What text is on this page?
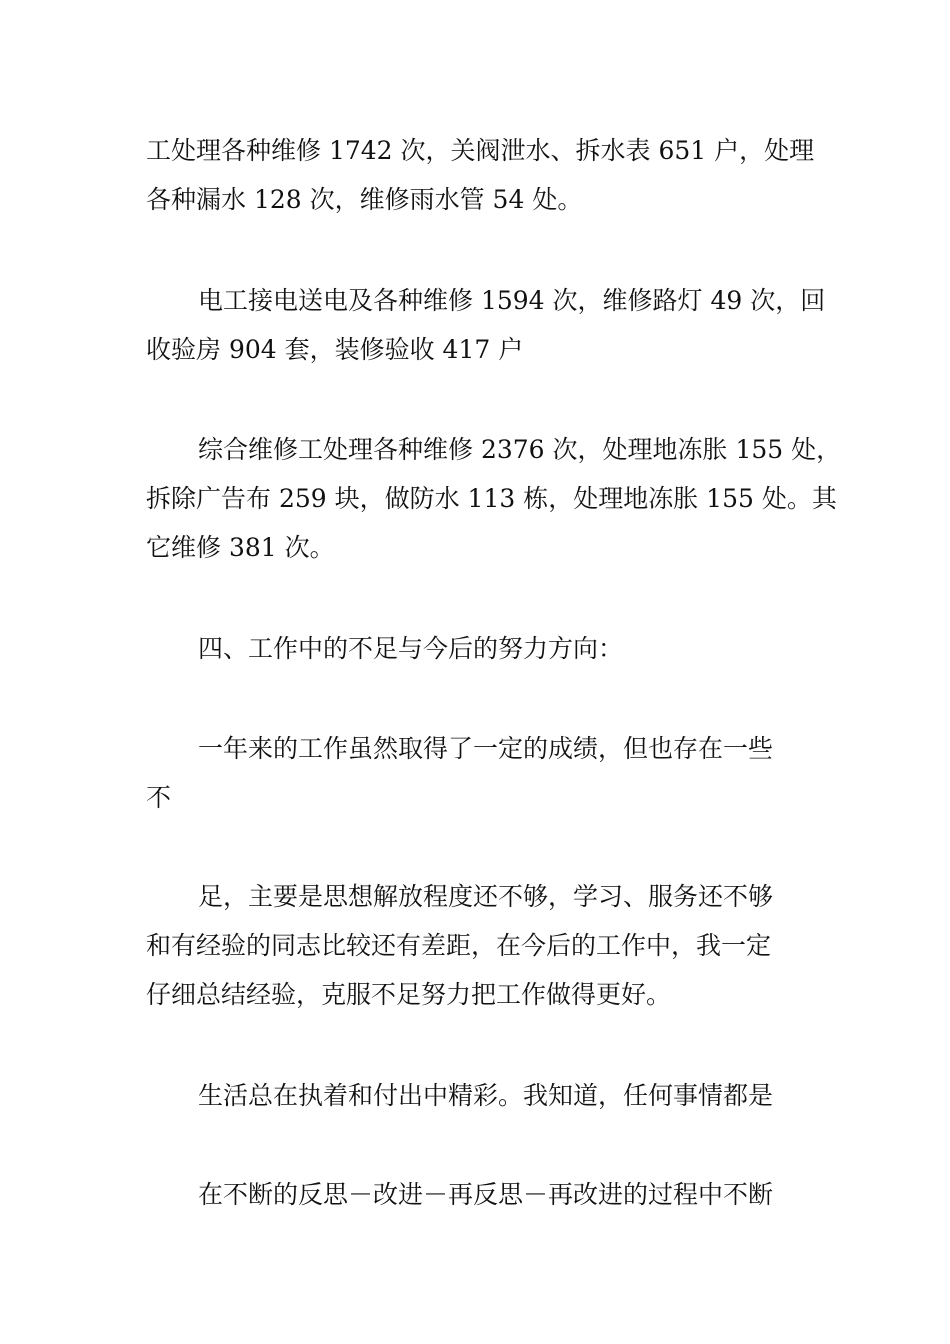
工处理各种维修 1742 次，关阀泄水、拆水表 651 户，处理
各种漏水 128 次，维修雨水管 54 处。
电工接电送电及各种维修 1594 次，维修路灯 49 次，回
收验房 904 套，装修验收 417 户
综合维修工处理各种维修 2376 次，处理地冻胀 155 处，
拆除广告布 259 块，做防水 113 栋，处理地冻胀 155 处。其
它维修 381 次。
四、工作中的不足与今后的努力方向：
一年来的工作虽然取得了一定的成绩，但也存在一些
不
足，主要是思想解放程度还不够，学习、服务还不够
和有经验的同志比较还有差距，在今后的工作中，我一定
仔细总结经验，克服不足努力把工作做得更好。
生活总在执着和付出中精彩。我知道，任何事情都是
在不断的反思－改进－再反思－再改进的过程中不断
